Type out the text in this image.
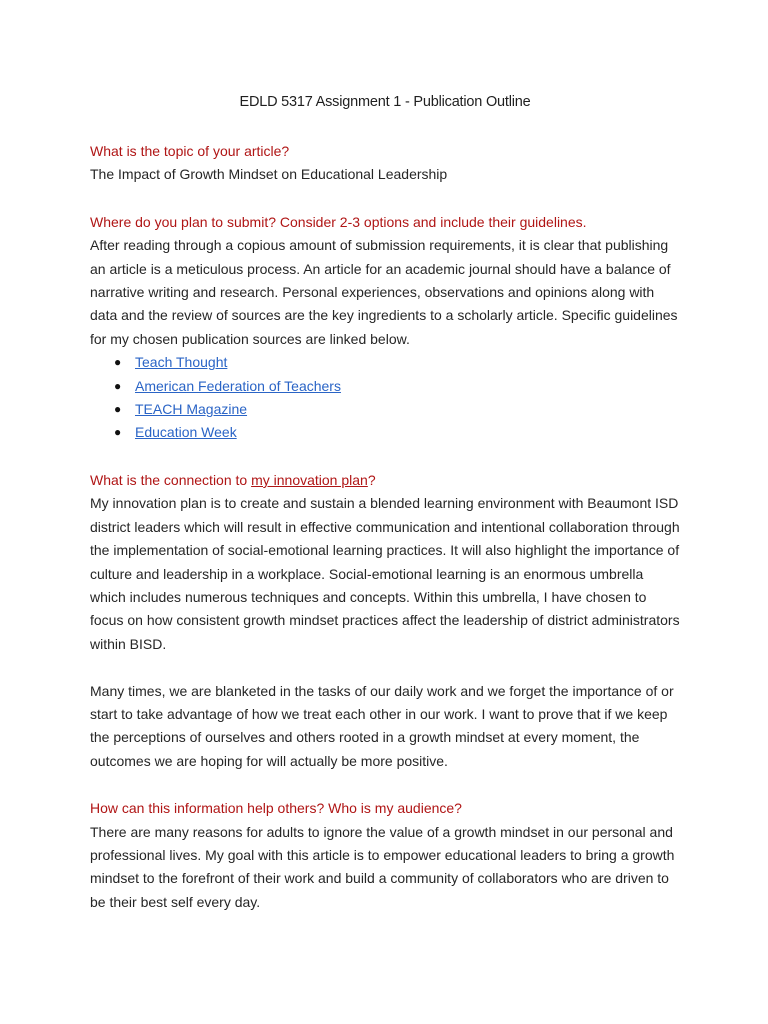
EDLD 5317 Assignment 1 - Publication Outline

What is the topic of your article?

The Impact of Growth Mindset on Educational Leadership

Where do you plan to submit? Consider 2-3 options and include their guidelines.

After reading through a copious amount of submission requirements, it is clear that publishing an article is a meticulous process. An article for an academic journal should have a balance of narrative writing and research. Personal experiences, observations and opinions along with data and the review of sources are the key ingredients to a scholarly article. Specific guidelines for my chosen publication sources are linked below.

● Teach Thought
● American Federation of Teachers
● TEACH Magazine
● Education Week

What is the connection to my innovation plan?

My innovation plan is to create and sustain a blended learning environment with Beaumont ISD district leaders which will result in effective communication and intentional collaboration through the implementation of social-emotional learning practices. It will also highlight the importance of culture and leadership in a workplace. Social-emotional learning is an enormous umbrella which includes numerous techniques and concepts. Within this umbrella, I have chosen to focus on how consistent growth mindset practices affect the leadership of district administrators within BISD.

Many times, we are blanketed in the tasks of our daily work and we forget the importance of or start to take advantage of how we treat each other in our work. I want to prove that if we keep the perceptions of ourselves and others rooted in a growth mindset at every moment, the outcomes we are hoping for will actually be more positive.

How can this information help others? Who is my audience?

There are many reasons for adults to ignore the value of a growth mindset in our personal and professional lives. My goal with this article is to empower educational leaders to bring a growth mindset to the forefront of their work and build a community of collaborators who are driven to be their best self every day.
